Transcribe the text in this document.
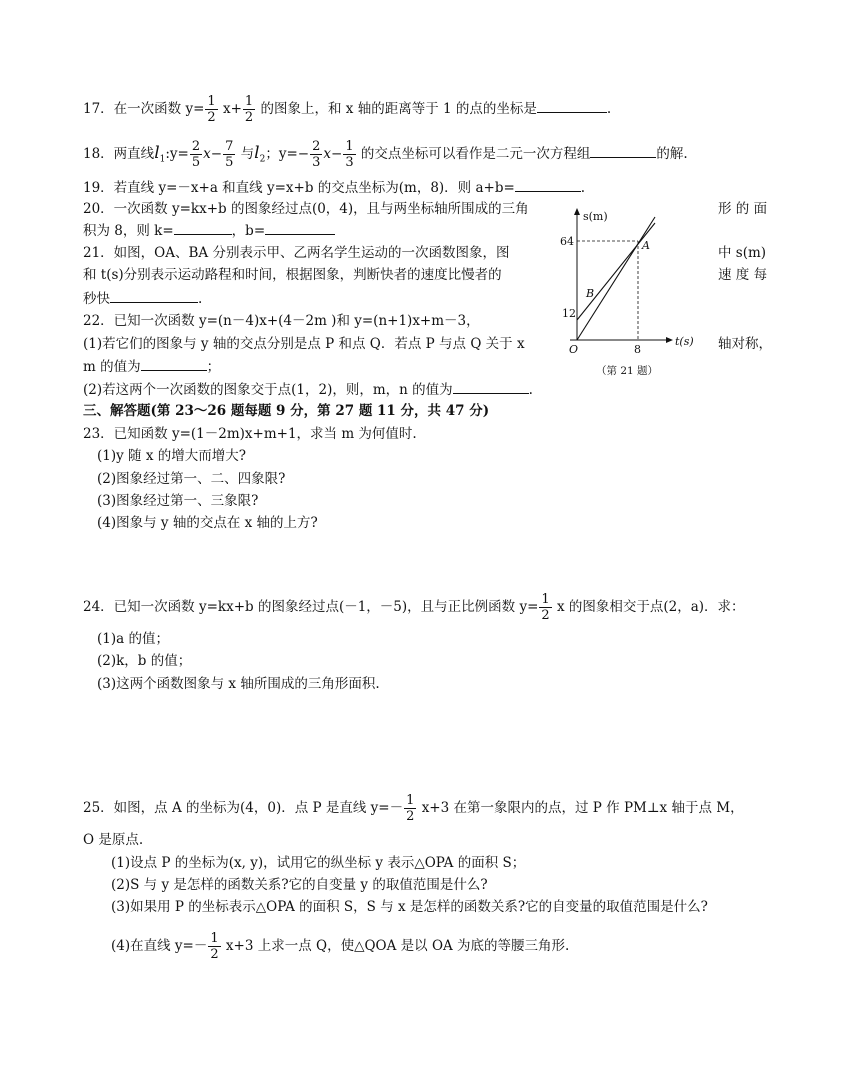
17．在一次函数 $y= \frac{1}{2} x+ \frac{1}{2}$ 的图象上，和 x 轴的距离等于 1 的点的坐标是	.
18．两直线$l_1:y= \frac{2}{5} x- \frac{7}{5}$ 与$l_2$；$y=- \frac{2}{3} x- \frac{1}{3}$ 的交点坐标可以看作是二元一次方程组	的解.
19．若直线 y=－x+a 和直线 y=x+b 的交点坐标为(m，8)．则 a+b=	.
20．一次函数 y=kx+b 的图象经过点(0，4)，且与两坐标轴所围成的三角	形 的 面
积为 8，则 k=	，b=
21．如图，OA、BA 分别表示甲、乙两名学生运动的一次函数图象，图	中 s(m)
和 t(s)分别表示运动路程和时间，根据图象，判断快者的速度比慢者的	速 度 每
秒快	.
22．已知一次函数 y=(n－4)x+(4－2m )和 y=(n+1)x+m－3，
(1)若它们的图象与 y 轴的交点分别是点 P 和点 Q．若点 P 与点 Q 关于 x	轴对称，
m 的值为	；
(2)若这两个一次函数的图象交于点(1，2)，则，m，n 的值为	.
三、解答题(第 23～26 题每题 9 分，第 27 题 11 分，共 47 分)
23．已知函数 y=(1－2m)x+m+1，求当 m 为何值时.
(1)y 随 x 的增大而增大?
(2)图象经过第一、二、四象限?
(3)图象经过第一、三象限?
(4)图象与 y 轴的交点在 x 轴的上方?
24．已知一次函数 y=kx+b 的图象经过点(－1，－5)，且与正比例函数 $y= \frac{1}{2}$ x 的图象相交于点(2，a)．求：
(1)a 的值；
(2)k，b 的值；
(3)这两个函数图象与 x 轴所围成的三角形面积.
25．如图，点 A 的坐标为(4，0)．点 P 是直线 $y=- \frac{1}{2} x+3$ 在第一象限内的点，过 P 作 PM⊥x 轴于点 M，
O 是原点.
(1)设点 P 的坐标为(x, y)，试用它的纵坐标 y 表示△OPA 的面积 S；
(2)S 与 y 是怎样的函数关系?它的自变量 y 的取值范围是什么?
(3)如果用 P 的坐标表示△OPA 的面积 S，S 与 x 是怎样的函数关系?它的自变量的取值范围是什么?
(4)在直线 $y=- \frac{1}{2} x+3$ 上求一点 Q，使△QOA 是以 OA 为底的等腰三角形.
s(m)
64
12
8
O
A
B
t(s)
（第 21 题）
